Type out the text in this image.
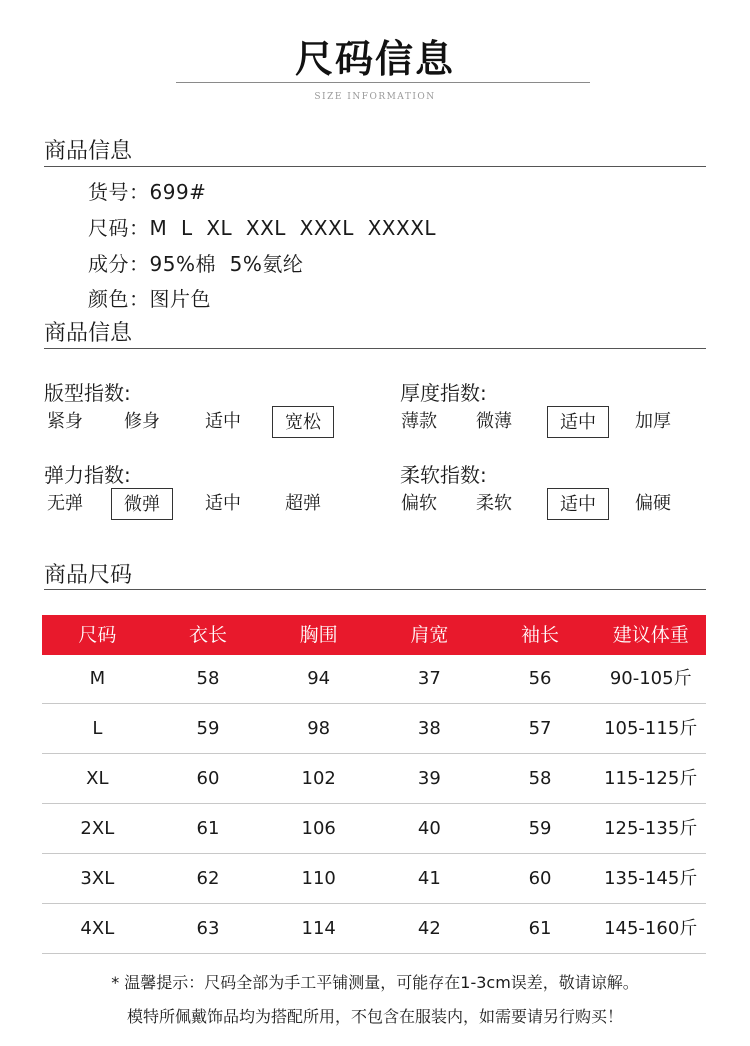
尺码信息
SIZE INFORMATION
商品信息
货号：699#
尺码：M  L  XL  XXL  XXXL  XXXXL
成分：95%棉  5%氨纶
颜色：图片色
商品信息
版型指数:
紧身	修身	适中	宽松
厚度指数:
薄款	微薄	适中	加厚
弹力指数:
无弹	微弹	适中	超弹
柔软指数:
偏软	柔软	适中	偏硬
商品尺码
尺码	衣长	胸围	肩宽	袖长	建议体重
M	58	94	37	56	90-105斤
L	59	98	38	57	105-115斤
XL	60	102	39	58	115-125斤
2XL	61	106	40	59	125-135斤
3XL	62	110	41	60	135-145斤
4XL	63	114	42	61	145-160斤
* 温馨提示：尺码全部为手工平铺测量，可能存在1-3cm误差，敬请谅解。
模特所佩戴饰品均为搭配所用，不包含在服装内，如需要请另行购买！
